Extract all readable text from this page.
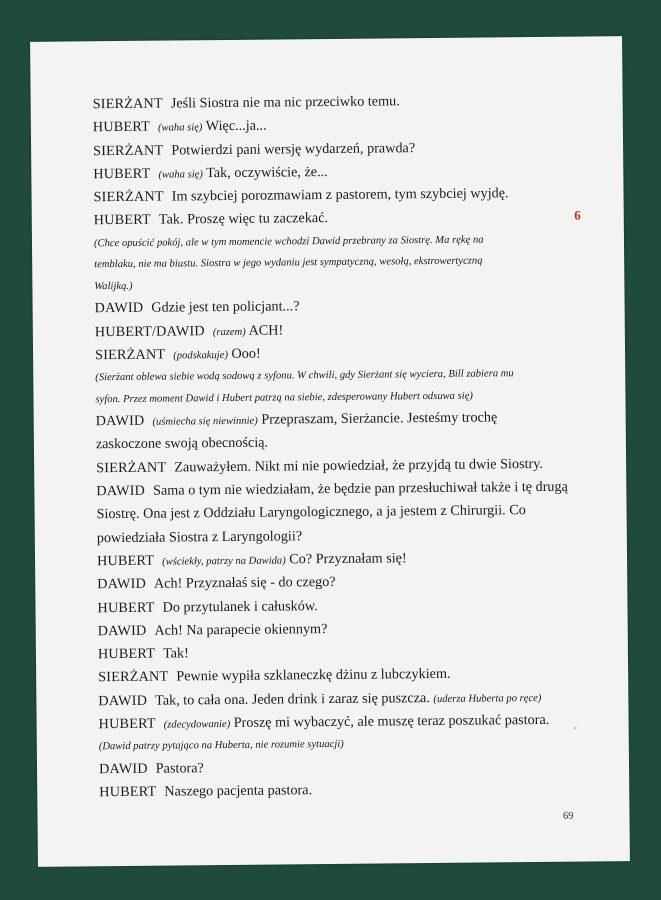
SIERŻANT Jeśli Siostra nie ma nic przeciwko temu.
HUBERT (waha się) Więc...ja...
SIERŻANT Potwierdzi pani wersję wydarzeń, prawda?
HUBERT (waha się) Tak, oczywiście, że...
SIERŻANT Im szybciej porozmawiam z pastorem, tym szybciej wyjdę.
HUBERT Tak. Proszę więc tu zaczekać.
(Chce opuścić pokój, ale w tym momencie wchodzi Dawid przebrany za Siostrę. Ma rękę na
temblaku, nie ma biustu. Siostra w jego wydaniu jest sympatyczną, wesołą, ekstrowertyczną
Walijką.)
DAWID Gdzie jest ten policjant...?
HUBERT/DAWID (razem) ACH!
SIERŻANT (podskakuje) Ooo!
(Sierżant oblewa siebie wodą sodową z syfonu. W chwili, gdy Sierżant się wyciera, Bill zabiera mu
syfon. Przez moment Dawid i Hubert patrzą na siebie, zdesperowany Hubert odsuwa się)
DAWID (uśmiecha się niewinnie) Przepraszam, Sierżancie. Jesteśmy trochę
zaskoczone swoją obecnością.
SIERŻANT Zauważyłem. Nikt mi nie powiedział, że przyjdą tu dwie Siostry.
DAWID Sama o tym nie wiedziałam, że będzie pan przesłuchiwał także i tę drugą
Siostrę. Ona jest z Oddziału Laryngologicznego, a ja jestem z Chirurgii. Co
powiedziała Siostra z Laryngologii?
HUBERT (wściekły, patrzy na Dawida) Co? Przyznałam się!
DAWID Ach! Przyznałaś się - do czego?
HUBERT Do przytulanek i całusków.
DAWID Ach! Na parapecie okiennym?
HUBERT Tak!
SIERŻANT Pewnie wypiła szklaneczkę dżinu z lubczykiem.
DAWID Tak, to cała ona. Jeden drink i zaraz się puszcza. (uderza Huberta po ręce)
HUBERT (zdecydowanie) Proszę mi wybaczyć, ale muszę teraz poszukać pastora.
(Dawid patrzy pytająco na Huberta, nie rozumie sytuacji)
DAWID Pastora?
HUBERT Naszego pacjenta pastora.
6
69
